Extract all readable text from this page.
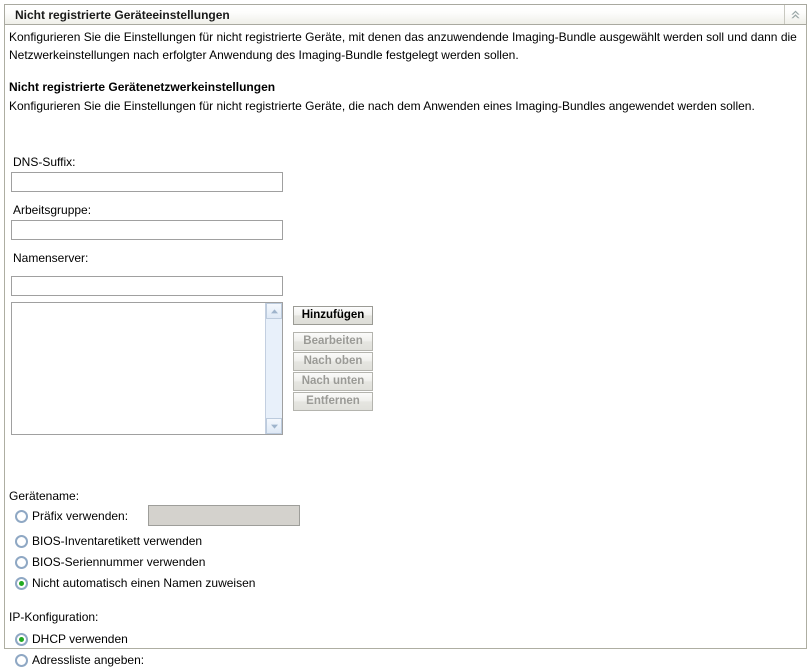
Nicht registrierte Geräteeinstellungen

Konfigurieren Sie die Einstellungen für nicht registrierte Geräte, mit denen das anzuwendende Imaging-Bundle ausgewählt werden soll und dann die Netzwerkeinstellungen nach erfolgter Anwendung des Imaging-Bundle festgelegt werden sollen.

Nicht registrierte Gerätenetzwerkeinstellungen

Konfigurieren Sie die Einstellungen für nicht registrierte Geräte, die nach dem Anwenden eines Imaging-Bundles angewendet werden sollen.

DNS-Suffix:
Arbeitsgruppe:
Namenserver:
Hinzufügen
Bearbeiten
Nach oben
Nach unten
Entfernen
Gerätename:
Präfix verwenden:
BIOS-Inventaretikett verwenden
BIOS-Seriennummer verwenden
Nicht automatisch einen Namen zuweisen
IP-Konfiguration:
DHCP verwenden
Adressliste angeben:
